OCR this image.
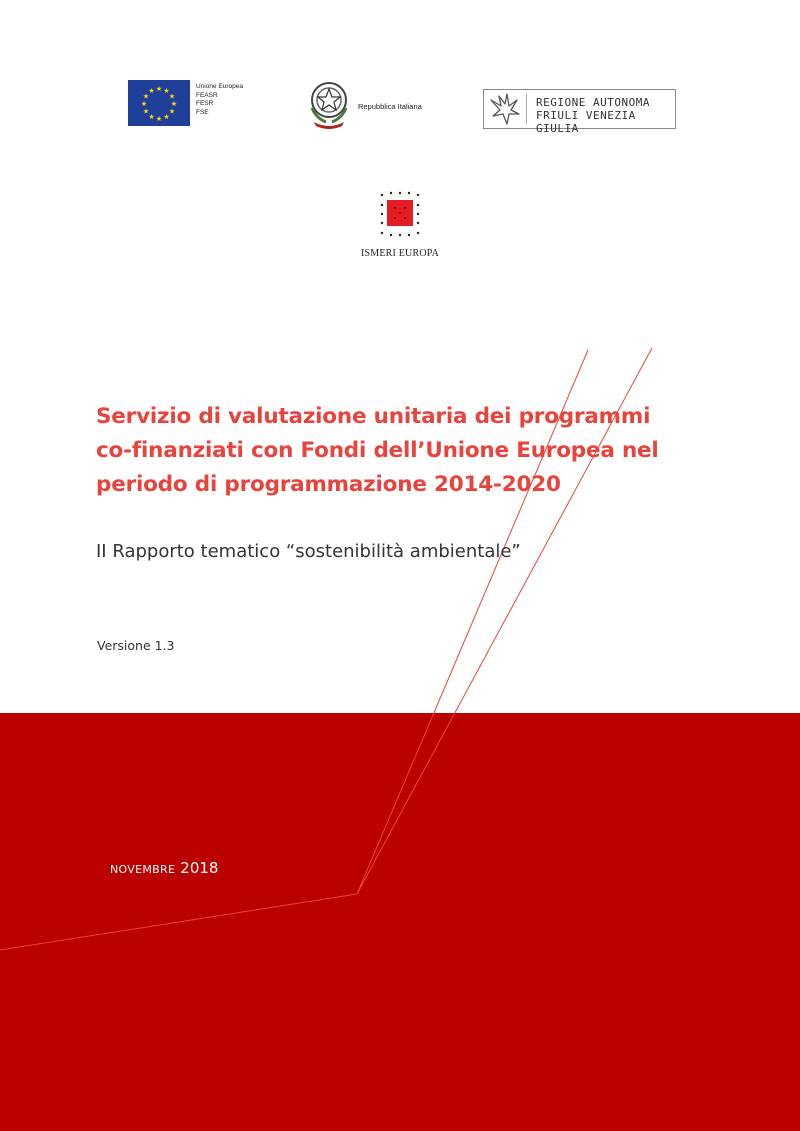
★ ★
★
★
★
★
★
★
★
★
★
★
Unione Europea
FEASR
FESR
FSE
Repubblica Italiana	REGIONE AUTONOMA
FRIULI VENEZIA GIULIA
ISMERI EUROPA
Servizio di valutazione unitaria dei programmi
co-finanziati con Fondi dell’Unione Europea nel
periodo di programmazione 2014-2020
II Rapporto tematico “sostenibilità ambientale”
Versione 1.3
NOVEMBRE 2018
